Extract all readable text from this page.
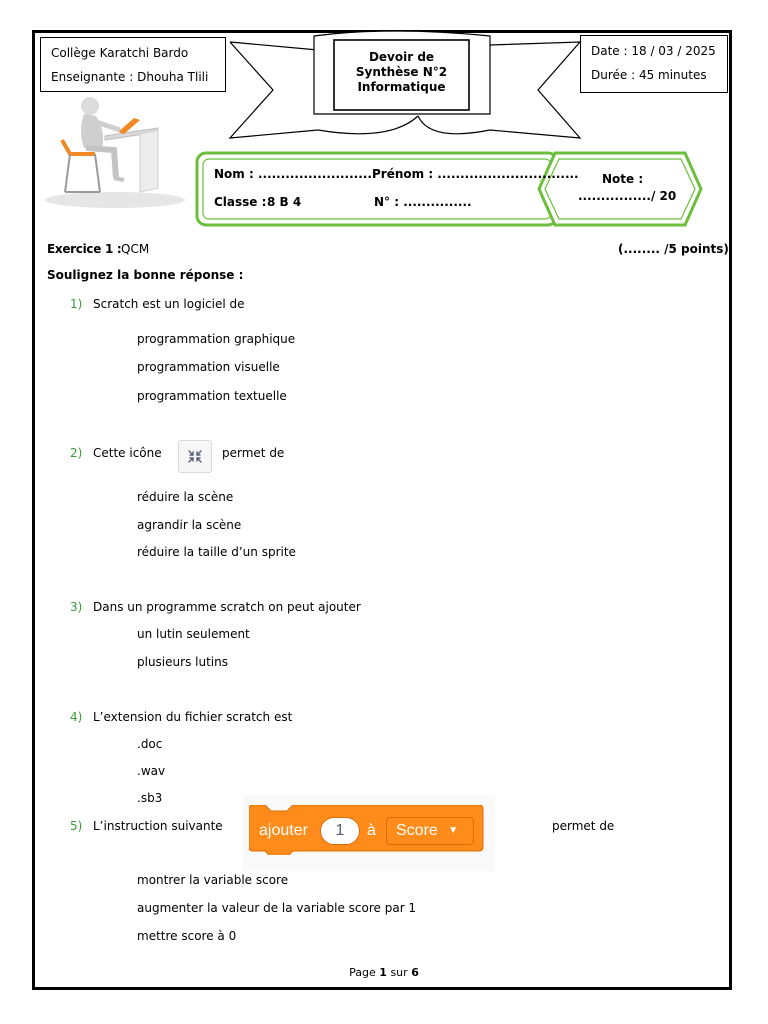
Collège Karatchi Bardo
Enseignante : Dhouha Tlili
Date : 18 / 03 / 2025
Durée : 45 minutes
Devoir de
Synthèse N°2
Informatique
Nom : ..........................
Prénom : ...............................
Classe : 8 B 4	N° : ...............
Note :
................/ 20
Exercice 1 : QCM	(........ /5 points)
Soulignez la bonne réponse :
1) Scratch est un logiciel de
programmation graphique
programmation visuelle
programmation textuelle
2) Cette icône	permet de
réduire la scène
agrandir la scène
réduire la taille d’un sprite
3) Dans un programme scratch on peut ajouter
un lutin seulement
plusieurs lutins
4) L’extension du fichier scratch est
.doc
.wav
.sb3
5) L’instruction suivante ajouter	1	à	Score ▼	permet de
montrer la variable score
augmenter la valeur de la variable score par 1
mettre score à 0
Page 1 sur 6
